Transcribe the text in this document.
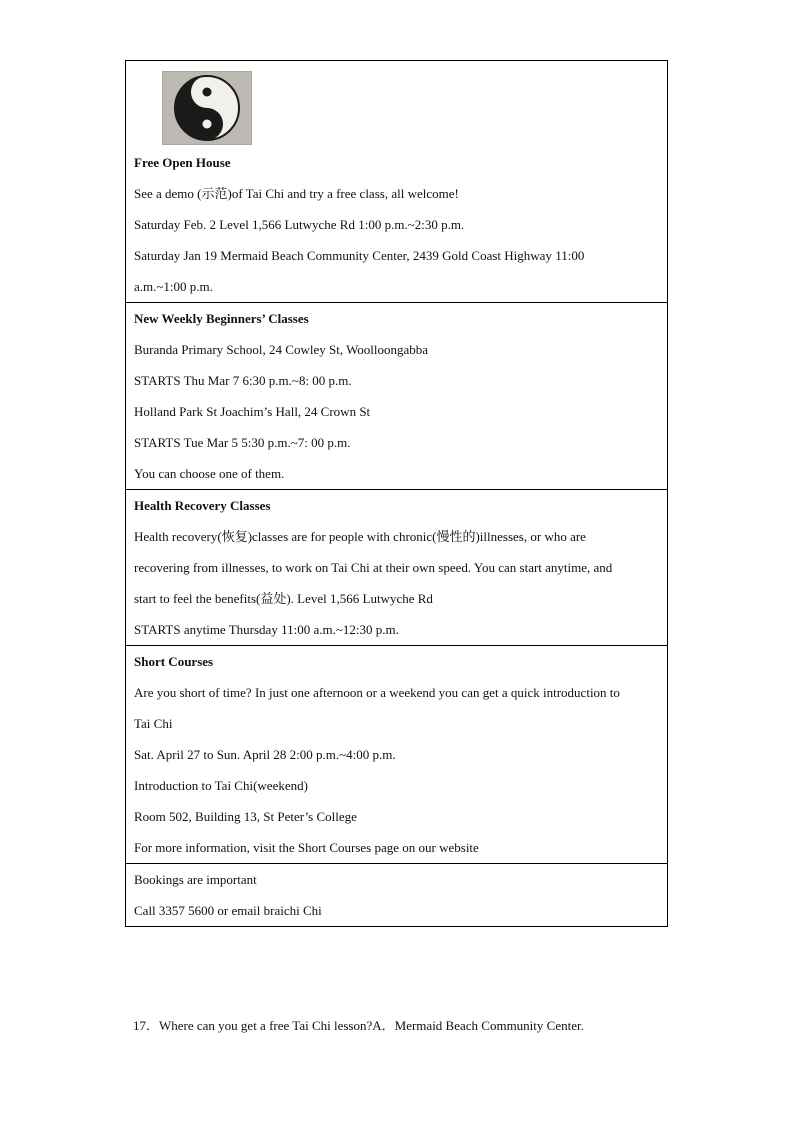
Free Open House
See a demo (示范)of Tai Chi and try a free class, all welcome!
Saturday Feb. 2 Level 1,566 Lutwyche Rd 1:00 p.m.~2:30 p.m.
Saturday Jan 19 Mermaid Beach Community Center, 2439 Gold Coast Highway 11:00
a.m.~1:00 p.m.
New Weekly Beginners’ Classes
Buranda Primary School, 24 Cowley St, Woolloongabba
STARTS Thu Mar 7 6:30 p.m.~8: 00 p.m.
Holland Park St Joachim’s Hall, 24 Crown St
STARTS Tue Mar 5 5:30 p.m.~7: 00 p.m.
You can choose one of them.
Health Recovery Classes
Health recovery(恢复)classes are for people with chronic(慢性的)illnesses, or who are
recovering from illnesses, to work on Tai Chi at their own speed. You can start anytime, and
start to feel the benefits(益处). Level 1,566 Lutwyche Rd
STARTS anytime Thursday 11:00 a.m.~12:30 p.m.
Short Courses
Are you short of time? In just one afternoon or a weekend you can get a quick introduction to
Tai Chi
Sat. April 27 to Sun. April 28 2:00 p.m.~4:00 p.m.
Introduction to Tai Chi(weekend)
Room 502, Building 13, St Peter’s College
For more information, visit the Short Courses page on our website
Bookings are important
Call 3357 5600 or email braichi Chi
17．Where can you get a free Tai Chi lesson?A．Mermaid Beach Community Center.
